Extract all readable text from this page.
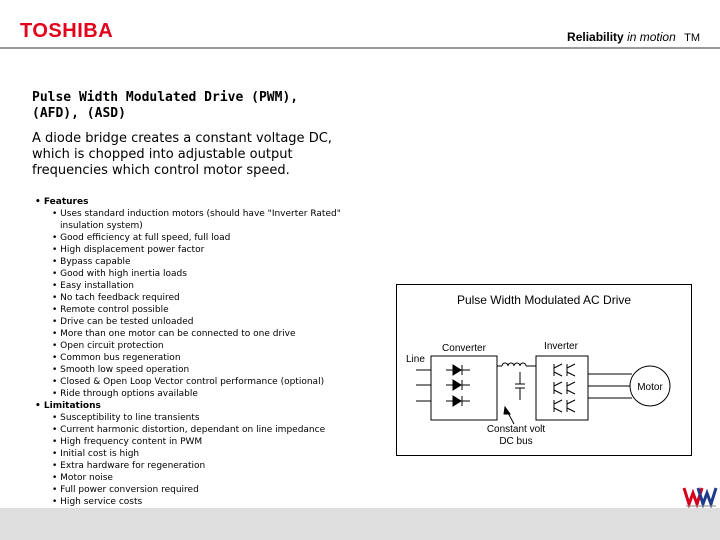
TOSHIBA	Reliability in motion TM
Pulse Width Modulated Drive (PWM),
(AFD), (ASD)
A diode bridge creates a constant voltage DC,
which is chopped into adjustable output
frequencies which control motor speed.
• Features
• Uses standard induction motors (should have "Inverter Rated" insulation system)
• Good efficiency at full speed, full load
• High displacement power factor
• Bypass capable
• Good with high inertia loads
• Easy installation
• No tach feedback required
• Remote control possible
• Drive can be tested unloaded
• More than one motor can be connected to one drive
• Open circuit protection
• Common bus regeneration
• Smooth low speed operation
• Closed & Open Loop Vector control performance (optional)
• Ride through options available
• Limitations
• Susceptibility to line transients
• Current harmonic distortion, dependant on line impedance
• High frequency content in PWM
• Initial cost is high
• Extra hardware for regeneration
• Motor noise
• Full power conversion required
• High service costs
Pulse Width Modulated AC Drive
Line
Converter	Inverter
Motor
Constant volt
DC bus
